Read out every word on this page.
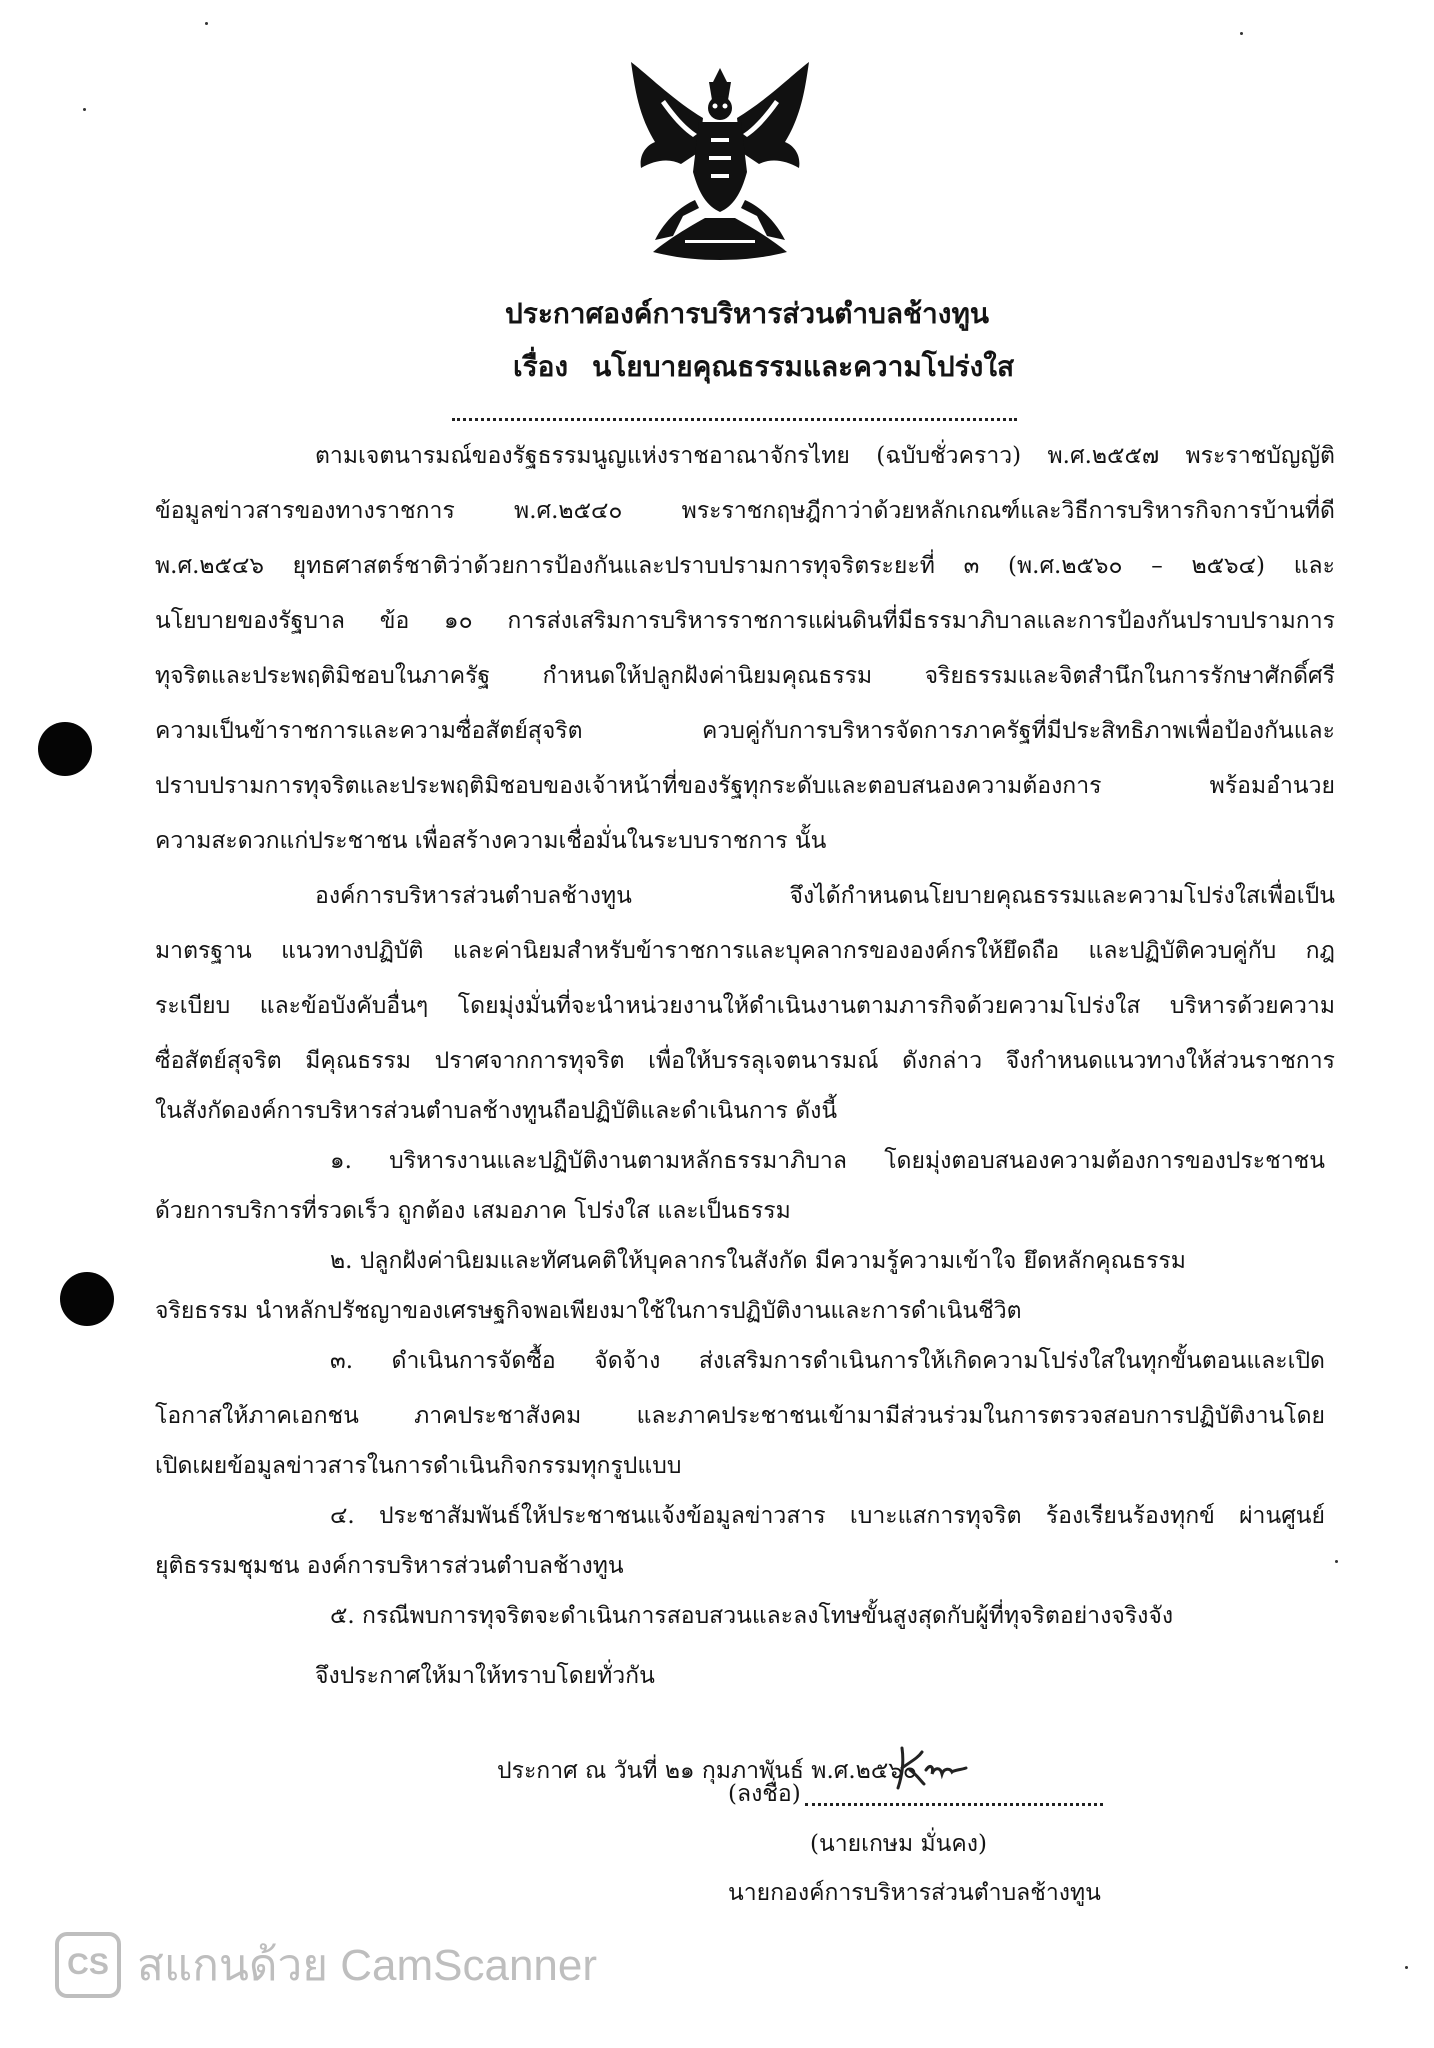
ประกาศองค์การบริหารส่วนตำบลช้างทูน
เรื่อง นโยบายคุณธรรมและความโปร่งใส
ตามเจตนารมณ์ของรัฐธรรมนูญแห่งราชอาณาจักรไทย (ฉบับชั่วคราว) พ.ศ.๒๕๕๗ พระราชบัญญัติ
ข้อมูลข่าวสารของทางราชการ พ.ศ.๒๕๔๐ พระราชกฤษฎีกาว่าด้วยหลักเกณฑ์และวิธีการบริหารกิจการบ้านที่ดี
พ.ศ.๒๕๔๖ ยุทธศาสตร์ชาติว่าด้วยการป้องกันและปราบปรามการทุจริตระยะที่ ๓ (พ.ศ.๒๕๖๐ – ๒๕๖๔) และ
นโยบายของรัฐบาล ข้อ ๑๐ การส่งเสริมการบริหารราชการแผ่นดินที่มีธรรมาภิบาลและการป้องกันปราบปรามการ
ทุจริตและประพฤติมิชอบในภาครัฐ กำหนดให้ปลูกฝังค่านิยมคุณธรรม จริยธรรมและจิตสำนึกในการรักษาศักดิ์ศรี
ความเป็นข้าราชการและความซื่อสัตย์สุจริต ควบคู่กับการบริหารจัดการภาครัฐที่มีประสิทธิภาพเพื่อป้องกันและ
ปราบปรามการทุจริตและประพฤติมิชอบของเจ้าหน้าที่ของรัฐทุกระดับและตอบสนองความต้องการ พร้อมอำนวย
ความสะดวกแก่ประชาชน เพื่อสร้างความเชื่อมั่นในระบบราชการ นั้น
องค์การบริหารส่วนตำบลช้างทูน จึงได้กำหนดนโยบายคุณธรรมและความโปร่งใสเพื่อเป็น
มาตรฐาน แนวทางปฏิบัติ และค่านิยมสำหรับข้าราชการและบุคลากรขององค์กรให้ยึดถือ และปฏิบัติควบคู่กับ กฎ
ระเบียบ และข้อบังคับอื่นๆ โดยมุ่งมั่นที่จะนำหน่วยงานให้ดำเนินงานตามภารกิจด้วยความโปร่งใส บริหารด้วยความ
ซื่อสัตย์สุจริต มีคุณธรรม ปราศจากการทุจริต เพื่อให้บรรลุเจตนารมณ์ ดังกล่าว จึงกำหนดแนวทางให้ส่วนราชการ
ในสังกัดองค์การบริหารส่วนตำบลช้างทูนถือปฏิบัติและดำเนินการ ดังนี้
๑. บริหารงานและปฏิบัติงานตามหลักธรรมาภิบาล โดยมุ่งตอบสนองความต้องการของประชาชน
ด้วยการบริการที่รวดเร็ว ถูกต้อง เสมอภาค โปร่งใส และเป็นธรรม
๒. ปลูกฝังค่านิยมและทัศนคติให้บุคลากรในสังกัด มีความรู้ความเข้าใจ ยึดหลักคุณธรรม
จริยธรรม นำหลักปรัชญาของเศรษฐกิจพอเพียงมาใช้ในการปฏิบัติงานและการดำเนินชีวิต
๓. ดำเนินการจัดซื้อ จัดจ้าง ส่งเสริมการดำเนินการให้เกิดความโปร่งใสในทุกขั้นตอนและเปิด
โอกาสให้ภาคเอกชน ภาคประชาสังคม และภาคประชาชนเข้ามามีส่วนร่วมในการตรวจสอบการปฏิบัติงานโดย
เปิดเผยข้อมูลข่าวสารในการดำเนินกิจกรรมทุกรูปแบบ
๔. ประชาสัมพันธ์ให้ประชาชนแจ้งข้อมูลข่าวสาร เบาะแสการทุจริต ร้องเรียนร้องทุกข์ ผ่านศูนย์
ยุติธรรมชุมชน องค์การบริหารส่วนตำบลช้างทูน
๕. กรณีพบการทุจริตจะดำเนินการสอบสวนและลงโทษขั้นสูงสุดกับผู้ที่ทุจริตอย่างจริงจัง
จึงประกาศให้มาให้ทราบโดยทั่วกัน
ประกาศ ณ วันที่ ๒๑ กุมภาพันธ์ พ.ศ.๒๕๖๐
(ลงชื่อ)
(นายเกษม มั่นคง)
นายกองค์การบริหารส่วนตำบลช้างทูน
CS สแกนด้วย CamScanner
